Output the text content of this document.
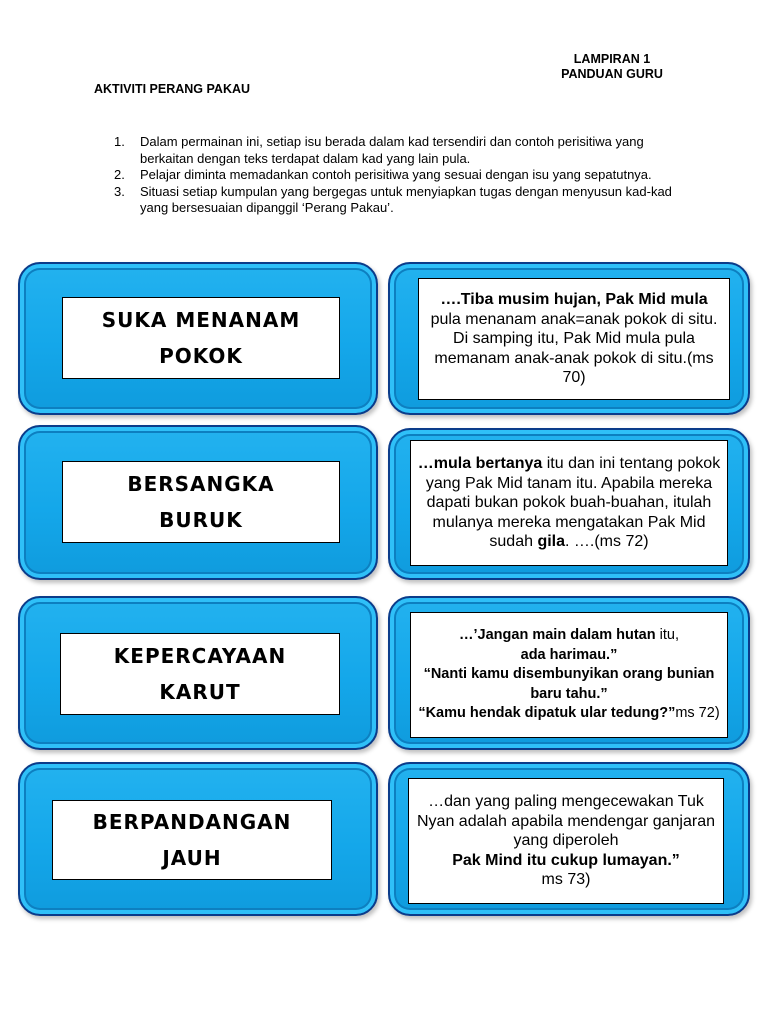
LAMPIRAN 1
PANDUAN GURU
AKTIVITI PERANG PAKAU
1. Dalam permainan ini, setiap isu berada dalam kad tersendiri dan contoh perisitiwa yang berkaitan dengan teks terdapat dalam kad yang lain pula.
2. Pelajar diminta memadankan contoh perisitiwa yang sesuai dengan isu yang sepatutnya.
3. Situasi setiap kumpulan yang bergegas untuk menyiapkan tugas dengan menyusun kad-kad yang bersesuaian dipanggil ‘Perang Pakau’.
SUKA MENANAM
POKOK
….Tiba musim hujan, Pak Mid mula pula menanam anak=anak pokok di situ. Di samping itu, Pak Mid mula pula memanam anak-anak pokok di situ.(ms 70)
BERSANGKA
BURUK
…mula bertanya itu dan ini tentang pokok yang Pak Mid tanam itu. Apabila mereka dapati bukan pokok buah-buahan, itulah mulanya mereka mengatakan Pak Mid sudah gila. ….(ms 72)
KEPERCAYAAN
KARUT
…’Jangan main dalam hutan itu,
ada harimau.”
“Nanti kamu disembunyikan orang bunian baru tahu.”
“Kamu hendak dipatuk ular tedung?”ms 72)
BERPANDANGAN
JAUH
…dan yang paling mengecewakan Tuk Nyan adalah apabila mendengar ganjaran yang diperoleh
Pak Mind itu cukup lumayan.”
ms 73)
